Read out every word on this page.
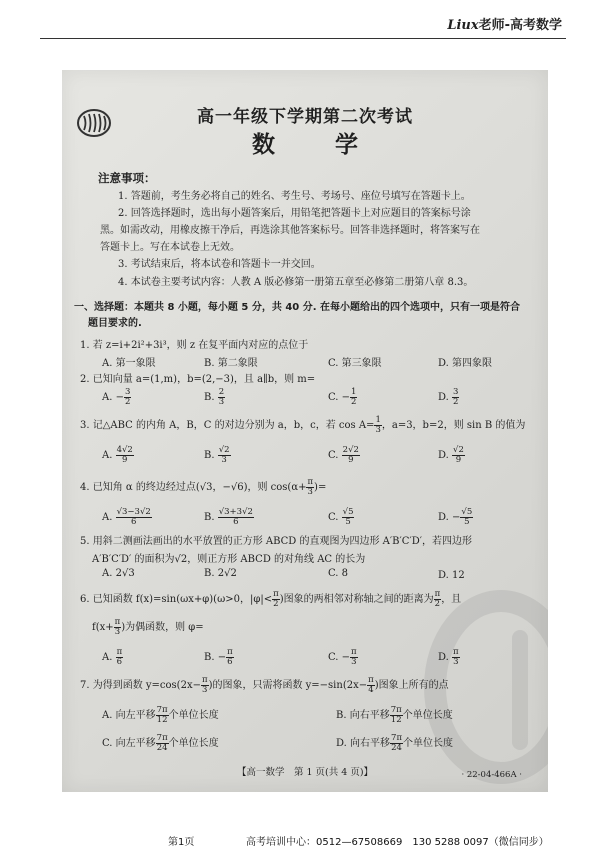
Liux老师-高考数学
高一年级下学期第二次考试
数 学
注意事项：
1. 答题前，考生务必将自己的姓名、考生号、考场号、座位号填写在答题卡上。
2. 回答选择题时，选出每小题答案后，用铅笔把答题卡上对应题目的答案标号涂
黑。如需改动，用橡皮擦干净后，再选涂其他答案标号。回答非选择题时，将答案写在
答题卡上。写在本试卷上无效。
3. 考试结束后，将本试卷和答题卡一并交回。
4. 本试卷主要考试内容：人教 A 版必修第一册第五章至必修第二册第八章 8.3。
一、选择题：本题共 8 小题，每小题 5 分，共 40 分. 在每小题给出的四个选项中，只有一项是符合
题目要求的.
1. 若 z=i+2i²+3i³，则 z 在复平面内对应的点位于
A. 第一象限	B. 第二象限	C. 第三象限	D. 第四象限
2. 已知向量 a=(1,m)，b=(2,−3)，且 a∥b，则 m=
A. − $\frac{3}{2}$	B. $\frac{2}{3}$	C. − $\frac{1}{2}$	D. $\frac{3}{2}$
3. 记△ABC 的内角 A，B，C 的对边分别为 a，b，c，若 $\cos A= \frac{1}{3}$ ，a=3，b=2，则 sin B 的值为
A. $\frac{4√2}{9}$	B. $\frac{√2}{3}$	C. $\frac{2√2}{9}$	D. $\frac{√2}{9}$
4. 已知角 α 的终边经过点(√3，−√6)，则 $\cos(\alpha+ \frac{\pi}{3}$ )=
A. $\frac{√3-3√2}{6}$	B. $\frac{√3+3√2}{6}$	C. $\frac{√5}{5}$	D. − $\frac{√5}{5}$
5. 用斜二测画法画出的水平放置的正方形 ABCD 的直观图为四边形 A′B′C′D′，若四边形
A′B′C′D′ 的面积为√2，则正方形 ABCD 的对角线 AC 的长为
A. 2√3	B. 2√2	C. 8	D. 12
6. 已知函数 f(x)=sin(ωx+φ)(ω>0，$|\varphi|< \frac{\pi}{2}$ )图象的两相邻对称轴之间的距离为 $\frac{\pi}{2}$ ，且
$f(x+ \frac{\pi}{3}$ )为偶函数，则 φ=
A. $\frac{\pi}{6}$	B. − $\frac{\pi}{6}$	C. − $\frac{\pi}{3}$	D. $\frac{\pi}{3}$
7. 为得到函数 $y=\cos(2x- \frac{\pi}{3}$ )的图象，只需将函数 $y=-\sin(2x- \frac{\pi}{4}$ )图象上所有的点
A. 向左平移 $\frac{7\pi}{12}$ 个单位长度	B. 向右平移 $\frac{7\pi}{12}$ 个单位长度
C. 向左平移 $\frac{7\pi}{24}$ 个单位长度	D. 向右平移 $\frac{7\pi}{24}$ 个单位长度
【高一数学　第 1 页(共 4 页)】	· 22-04-466A ·
第1页	高考培训中心：0512—67508669　130 5288 0097（微信同步）
